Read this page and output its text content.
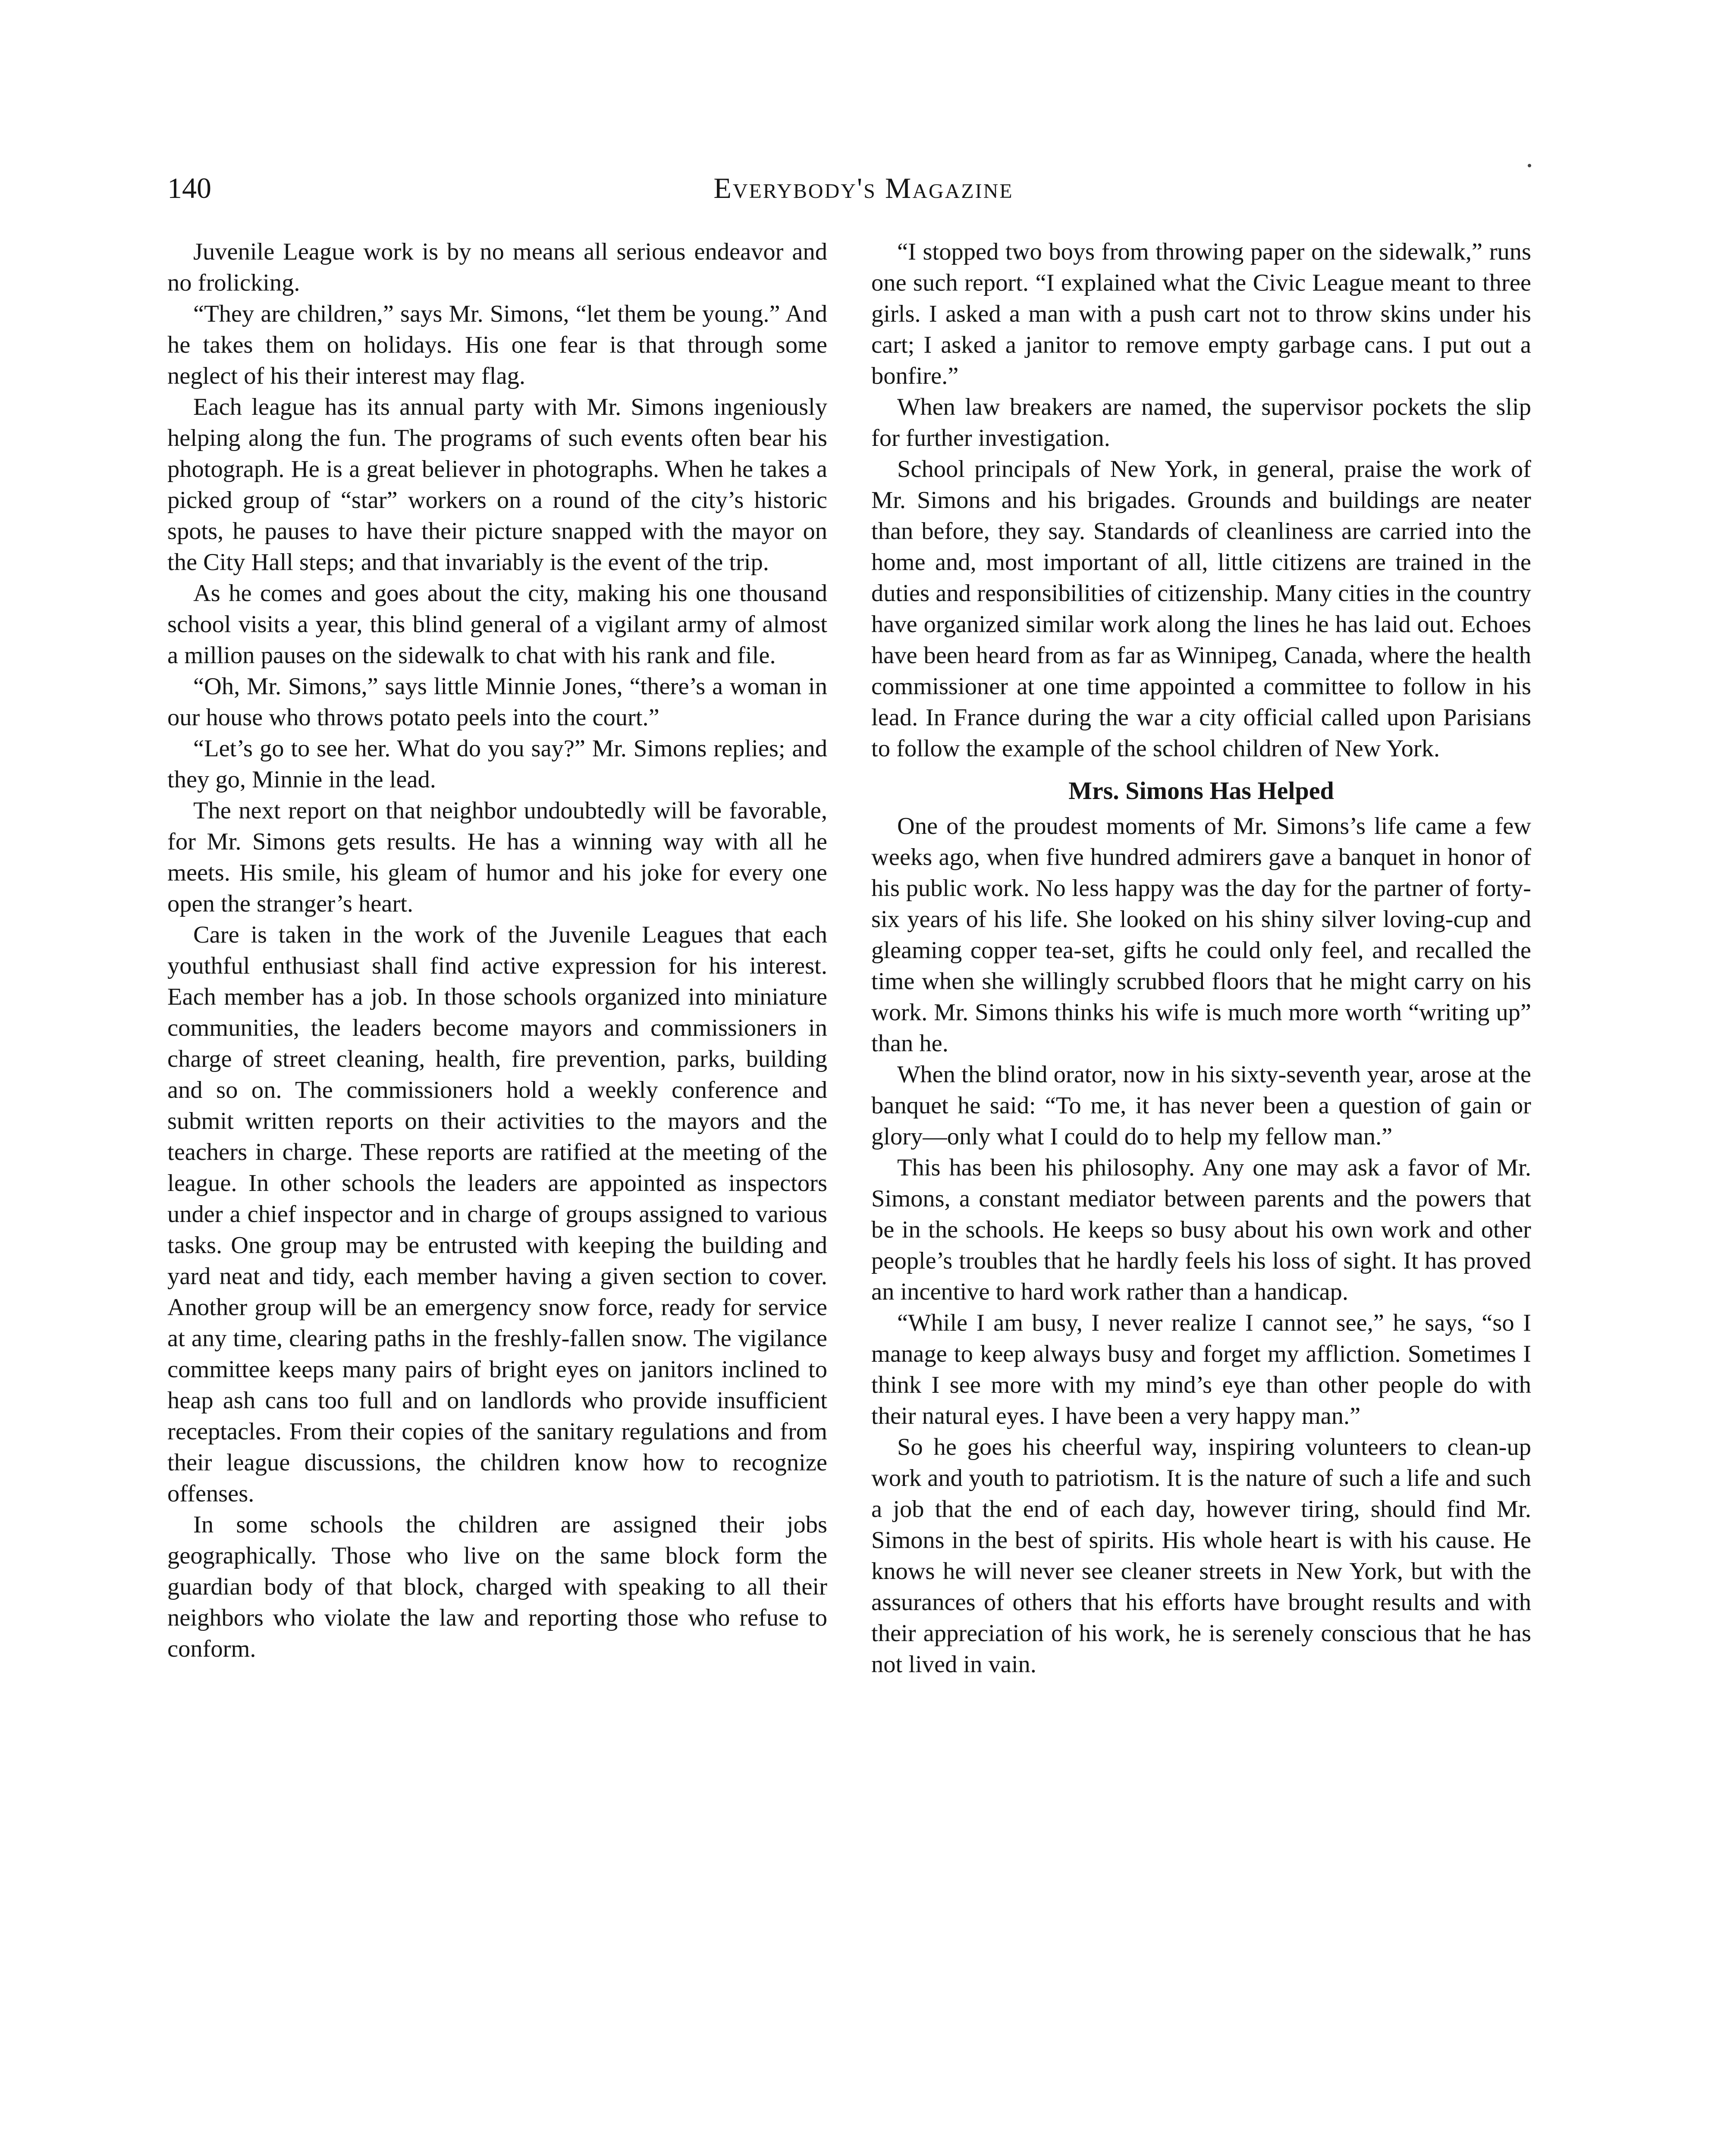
140	Everybody's Magazine

Juvenile League work is by no means all serious endeavor and no frolicking.

“They are children,” says Mr. Simons, “let them be young.” And he takes them on holidays. His one fear is that through some neglect of his their interest may flag.

Each league has its annual party with Mr. Simons ingeniously helping along the fun. The programs of such events often bear his photograph. He is a great believer in photographs. When he takes a picked group of “star” workers on a round of the city’s historic spots, he pauses to have their picture snapped with the mayor on the City Hall steps; and that invariably is the event of the trip.

As he comes and goes about the city, making his one thousand school visits a year, this blind general of a vigilant army of almost a million pauses on the sidewalk to chat with his rank and file.

“Oh, Mr. Simons,” says little Minnie Jones, “there’s a woman in our house who throws potato peels into the court.”

“Let’s go to see her. What do you say?” Mr. Simons replies; and they go, Minnie in the lead.

The next report on that neighbor undoubtedly will be favorable, for Mr. Simons gets results. He has a winning way with all he meets. His smile, his gleam of humor and his joke for every one open the stranger’s heart.

Care is taken in the work of the Juvenile Leagues that each youthful enthusiast shall find active expression for his interest. Each member has a job. In those schools organized into miniature communities, the leaders become mayors and commissioners in charge of street cleaning, health, fire prevention, parks, building and so on. The commissioners hold a weekly conference and submit written reports on their activities to the mayors and the teachers in charge. These reports are ratified at the meeting of the league. In other schools the leaders are appointed as inspectors under a chief inspector and in charge of groups assigned to various tasks. One group may be entrusted with keeping the building and yard neat and tidy, each member having a given section to cover. Another group will be an emergency snow force, ready for service at any time, clearing paths in the freshly-fallen snow. The vigilance committee keeps many pairs of bright eyes on janitors inclined to heap ash cans too full and on landlords who provide insufficient receptacles. From their copies of the sanitary regulations and from their league discussions, the children know how to recognize offenses.

In some schools the children are assigned their jobs geographically. Those who live on the same block form the guardian body of that block, charged with speaking to all their neighbors who violate the law and reporting those who refuse to conform.

“I stopped two boys from throwing paper on the sidewalk,” runs one such report. “I explained what the Civic League meant to three girls. I asked a man with a push cart not to throw skins under his cart; I asked a janitor to remove empty garbage cans. I put out a bonfire.”

When law breakers are named, the supervisor pockets the slip for further investigation.

School principals of New York, in general, praise the work of Mr. Simons and his brigades. Grounds and buildings are neater than before, they say. Standards of cleanliness are carried into the home and, most important of all, little citizens are trained in the duties and responsibilities of citizenship. Many cities in the country have organized similar work along the lines he has laid out. Echoes have been heard from as far as Winnipeg, Canada, where the health commissioner at one time appointed a committee to follow in his lead. In France during the war a city official called upon Parisians to follow the example of the school children of New York.

Mrs. Simons Has Helped

One of the proudest moments of Mr. Simons’s life came a few weeks ago, when five hundred admirers gave a banquet in honor of his public work. No less happy was the day for the partner of forty-six years of his life. She looked on his shiny silver loving-cup and gleaming copper tea-set, gifts he could only feel, and recalled the time when she willingly scrubbed floors that he might carry on his work. Mr. Simons thinks his wife is much more worth “writing up” than he.

When the blind orator, now in his sixty-seventh year, arose at the banquet he said: “To me, it has never been a question of gain or glory—only what I could do to help my fellow man.”

This has been his philosophy. Any one may ask a favor of Mr. Simons, a constant mediator between parents and the powers that be in the schools. He keeps so busy about his own work and other people’s troubles that he hardly feels his loss of sight. It has proved an incentive to hard work rather than a handicap.

“While I am busy, I never realize I cannot see,” he says, “so I manage to keep always busy and forget my affliction. Sometimes I think I see more with my mind’s eye than other people do with their natural eyes. I have been a very happy man.”

So he goes his cheerful way, inspiring volunteers to clean-up work and youth to patriotism. It is the nature of such a life and such a job that the end of each day, however tiring, should find Mr. Simons in the best of spirits. His whole heart is with his cause. He knows he will never see cleaner streets in New York, but with the assurances of others that his efforts have brought results and with their appreciation of his work, he is serenely conscious that he has not lived in vain.
